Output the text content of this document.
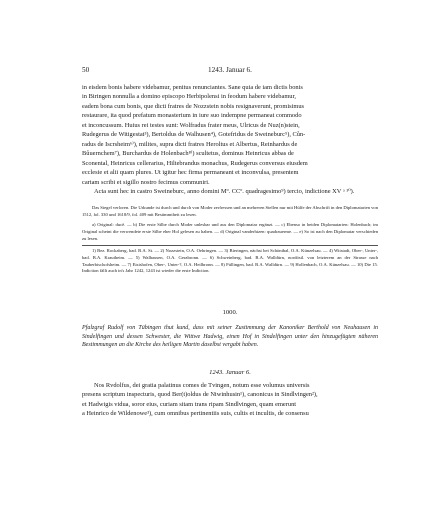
50	1243. Januar 6.

in eisdem bonis habere videbamur, penitus renunciantes. Sane quia de iam dictis bonis

in Biringen nonnulla a domino episcopo Herbipolensi in feodum habere videbamur,

eadem bona cum bonis, que dicti fratres de Nozzstein nobis resignaverunt, promisimus

restaurare, ita quod prefatum monasterium in iure suo indempne permaneat commodo

et inconcussum. Huius rei testes sunt: Wolfradus frater meus, Ulricus de Nuz(n)stein,

Rudegerus de Witigestat³), Bertoldus de Walhusen⁴), Gotefridus de Sweineburc⁵), Cůn-

radus de Iscrsheim⁶⁾), milites, supra dicti fratres Heroltus et Albertus, Reinhardus de

Bůuernchem⁷), Burchardus de Holenbach⁸⁾) scultetus, dominus Heinricus abbas de

Sconental, Heinricus cellerarius, Hiltebrandus monachus, Rudegerus conversus eiusdem

ecclesie et alii quam plures. Ut igitur hec firma permaneant et inconvulsa, presentem

cartam scribi et sigillo nostro fecimus communiri.

Acta sunt hec in castro Sweineburc, anno domini Mº. CCº. quadragesimo⁹) tercio, indictione XV ᵃ ¹⁰).

Das Siegel verloren. Die Urkunde ist durch und durch von Moder zerfressen und an mehreren Stellen nur mit Hülfe der Abschrift in den Diplomatarien von 1512, fol. 330 und 1618/9, fol. 409 mit Bestimmtheit zu lesen.

a) Original: ducē. — b) Die erste Silbe durch Moder unlesbar und aus den Diplomatar ergänzt. — c) Ebenso in beiden Diplomatarien: Holenbach; im Original scheint die verwendete erste Silbe eher Hol gelesen zu haben. — d) Original vanderhizen: quadrauerme. — e) So ist nach den Diplomatar verschieden zu lesen.

1) Bez. Rockaberg, bad. B.A. St. — 2) Nozzstein, O.A. Oehringen. — 3) Bieringen, nächst bei Schöntbal, O.A. Künzelsau. — 4) Witstadt, Ober-, Unter-, bad. B.A. Krautheim. — 5) Walhausen, O.A. Gerabronn. — 6) Schweinberg, bad. B.A. Walldürn, nordöstl. von letzterem an der Strasse nach Tauberbischofsheim. — 7) Eisishofen, Ober-, Unter-?, O.A. Heilbronn. — 8) Füllingen, bad. B.A. Walldürn. — 9) Hollenbach, O.A. Künzelsau. — 10) Die 15. Indiction fällt auch in's Jahr 1242, 1243 ist wieder die erste Indiction.

1000.

Pfalzgraf Rudolf von Tübingen thut kund, dass mit seiner Zustimmung der Kanoniker Berthold von Neuhausen in Sindelfingen und dessen Schwester, die Wittwe Hadwig, einen Hof in Sindelfingen unter den hinzugefügten näheren Bestimmungen an die Kirche des heiligen Martin daselbst vergabt haben.

1243. Januar 6.

Nos Rvdolfus, dei gratia palatinus comes de Tvingen, notum esse volumus universis

presens scriptum inspecturis, quod Ber(t)oldus de Niwinhusin¹), canonicus in Sindlvingen²),

et Hadwigis vidua, soror eius, curiam sitam trans ripam Sindlvingen, quam emerunt

a Heinrico de Wildenowe³), cum omnibus pertinentiis suis, cultis et incultis, de consensu
